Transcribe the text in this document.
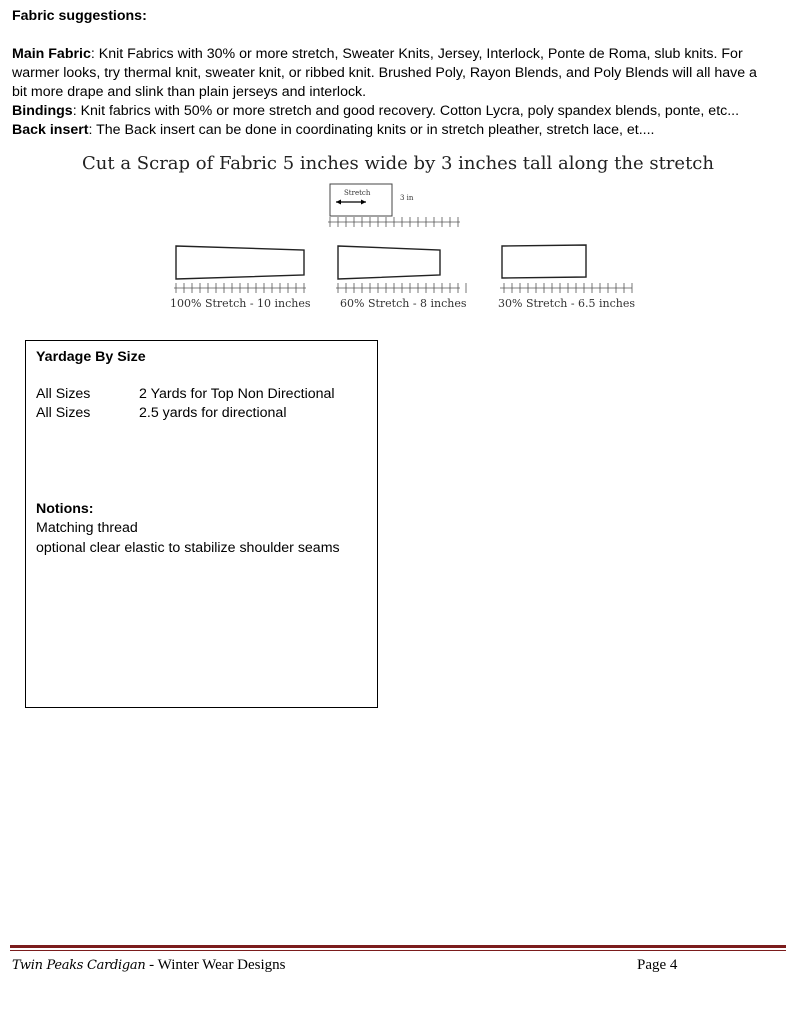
Fabric suggestions:
Main Fabric: Knit Fabrics with 30% or more stretch, Sweater Knits, Jersey, Interlock, Ponte de Roma, slub knits. For
warmer looks, try thermal knit, sweater knit, or ribbed knit. Brushed Poly, Rayon Blends, and Poly Blends will all have a
bit more drape and slink than plain jerseys and interlock.
Bindings: Knit fabrics with 50% or more stretch and good recovery. Cotton Lycra, poly spandex blends, ponte, etc...
Back insert: The Back insert can be done in coordinating knits or in stretch pleather, stretch lace, et....
Cut a Scrap of Fabric 5 inches wide by 3 inches tall along the stretch
Stretch
3 in
100% Stretch - 10 inches	60% Stretch - 8 inches	30% Stretch - 6.5 inches
Yardage By Size
All Sizes	2 Yards for Top Non Directional
All Sizes	2.5 yards for directional
Notions:
Matching thread
optional clear elastic to stabilize shoulder seams
Twin Peaks Cardigan - Winter Wear Designs	Page 4
